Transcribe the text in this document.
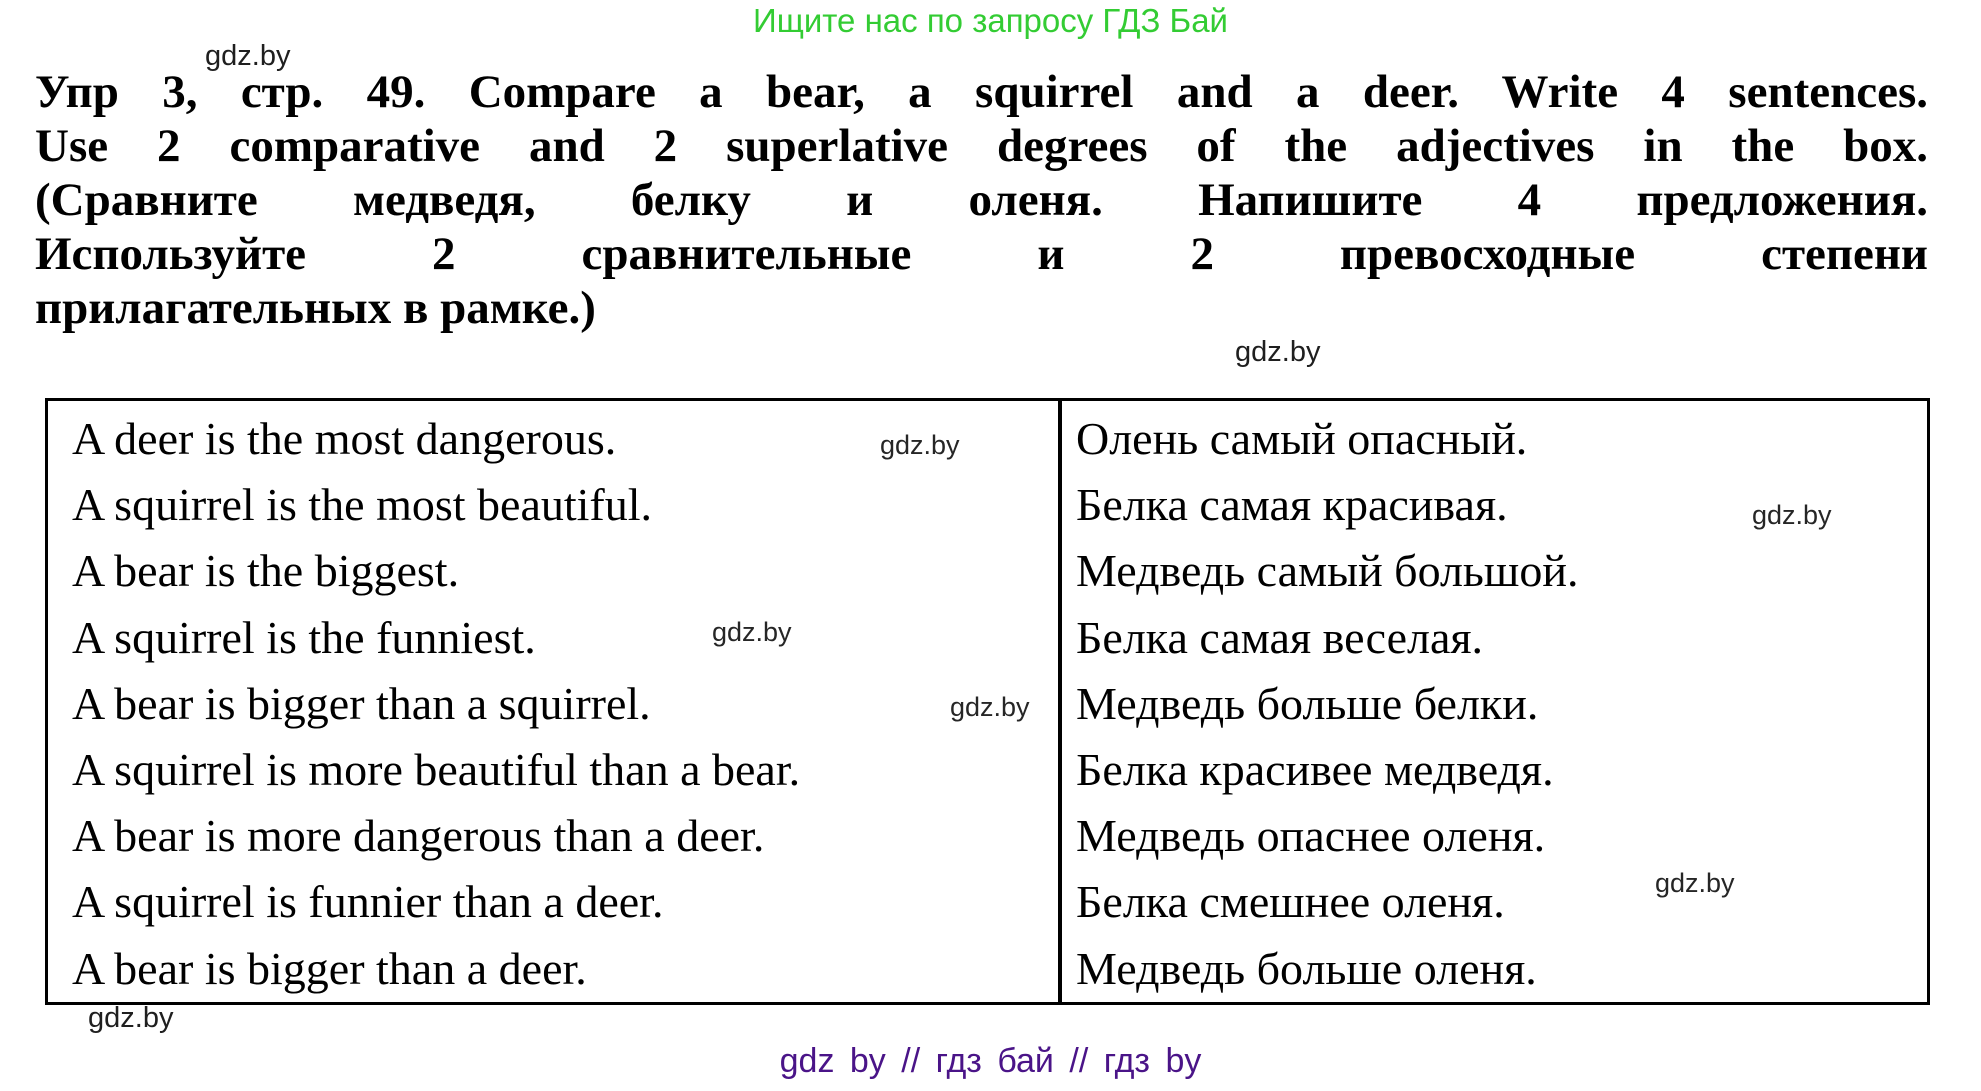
Ищите нас по запросу ГДЗ Бай
gdz.by
Упр 3, стр. 49. Compare a bear, a squirrel and a deer. Write 4 sentences.
Use 2 comparative and 2 superlative degrees of the adjectives in the box.
(Сравните медведя, белку и оленя. Напишите 4 предложения.
Используйте 2 сравнительные и 2 превосходные степени
прилагательных в рамке.)
gdz.by
A deer is the most dangerous.
A squirrel is the most beautiful.
A bear is the biggest.
A squirrel is the funniest.
A bear is bigger than a squirrel.
A squirrel is more beautiful than a bear.
A bear is more dangerous than a deer.
A squirrel is funnier than a deer.
A bear is bigger than a deer.
Олень самый опасный.
Белка самая красивая.
Медведь самый большой.
Белка самая веселая.
Медведь больше белки.
Белка красивее медведя.
Медведь опаснее оленя.
Белка смешнее оленя.
Медведь больше оленя.
gdz.by
gdz.by
gdz.by
gdz.by
gdz.by
gdz.by
gdz by // гдз бай // гдз by
